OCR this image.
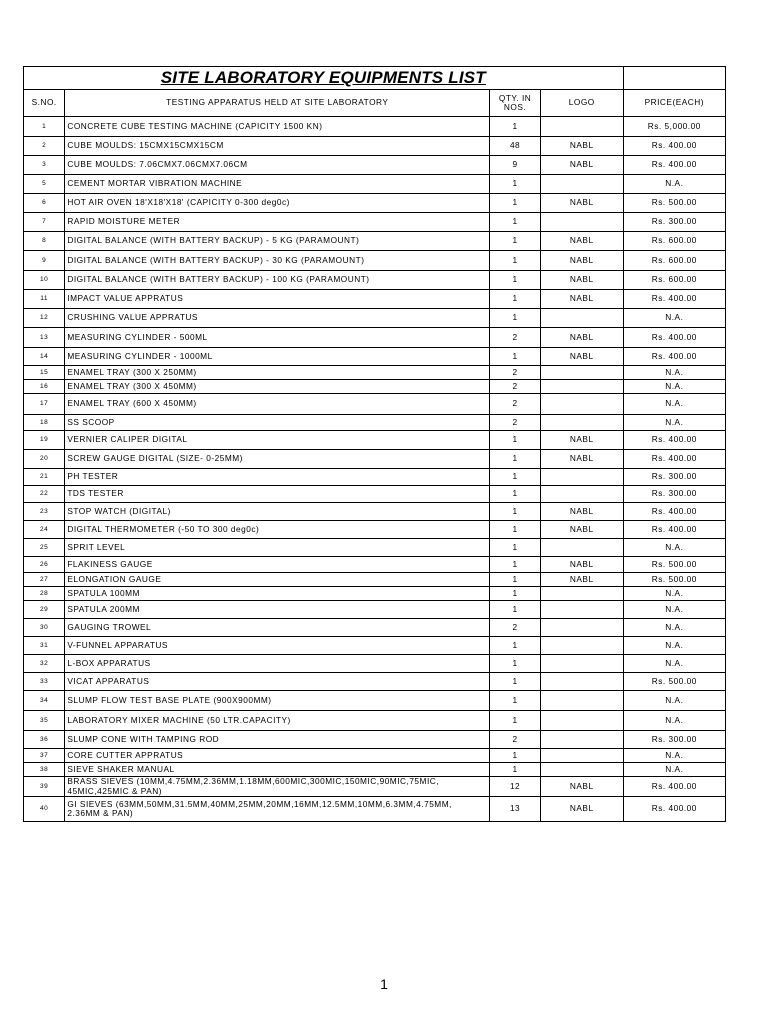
SITE LABORATORY EQUIPMENTS LIST				
S.NO.	TESTING APPARATUS HELD AT SITE LABORATORY	QTY. IN NOS.	LOGO	PRICE(EACH)
1	CONCRETE CUBE TESTING MACHINE (CAPICITY 1500 KN)	1		Rs. 5,000.00
2	CUBE MOULDS: 15CMX15CMX15CM	48	NABL	Rs. 400.00
3	CUBE MOULDS: 7.06CMX7.06CMX7.06CM	9	NABL	Rs. 400.00
5	CEMENT MORTAR VIBRATION MACHINE	1		N.A.
6	HOT AIR OVEN 18'X18'X18' (CAPICITY 0-300 deg0c)	1	NABL	Rs. 500.00
7	RAPID MOISTURE METER	1		Rs. 300.00
8	DIGITAL BALANCE (WITH BATTERY BACKUP) - 5 KG (PARAMOUNT)	1	NABL	Rs. 600.00
9	DIGITAL BALANCE (WITH BATTERY BACKUP) - 30 KG (PARAMOUNT)	1	NABL	Rs. 600.00
10	DIGITAL BALANCE (WITH BATTERY BACKUP) - 100 KG (PARAMOUNT)	1	NABL	Rs. 600.00
11	IMPACT VALUE APPRATUS	1	NABL	Rs. 400.00
12	CRUSHING VALUE APPRATUS	1		N.A.
13	MEASURING CYLINDER - 500ML	2	NABL	Rs. 400.00
14	MEASURING CYLINDER - 1000ML	1	NABL	Rs. 400.00
15	ENAMEL TRAY (300 X 250MM)	2		N.A.
16	ENAMEL TRAY (300 X 450MM)	2		N.A.
17	ENAMEL TRAY (600 X 450MM)	2		N.A.
18	SS SCOOP	2		N.A.
19	VERNIER CALIPER DIGITAL	1	NABL	Rs. 400.00
20	SCREW GAUGE DIGITAL (SIZE- 0-25MM)	1	NABL	Rs. 400.00
21	PH TESTER	1		Rs. 300.00
22	TDS TESTER	1		Rs. 300.00
23	STOP WATCH (DIGITAL)	1	NABL	Rs. 400.00
24	DIGITAL THERMOMETER (-50 TO 300 deg0c)	1	NABL	Rs. 400.00
25	SPRIT LEVEL	1		N.A.
26	FLAKINESS GAUGE	1	NABL	Rs. 500.00
27	ELONGATION GAUGE	1	NABL	Rs. 500.00
28	SPATULA 100MM	1		N.A.
29	SPATULA 200MM	1		N.A.
30	GAUGING TROWEL	2		N.A.
31	V-FUNNEL APPARATUS	1		N.A.
32	L-BOX APPARATUS	1		N.A.
33	VICAT APPARATUS	1		Rs. 500.00
34	SLUMP FLOW TEST BASE PLATE (900X900MM)	1		N.A.
35	LABORATORY MIXER MACHINE (50 LTR.CAPACITY)	1		N.A.
36	SLUMP CONE WITH TAMPING ROD	2		Rs. 300.00
37	CORE CUTTER APPRATUS	1		N.A.
38	SIEVE SHAKER MANUAL	1		N.A.
39	BRASS SIEVES (10MM,4.75MM,2.36MM,1.18MM,600MIC,300MIC,150MIC,90MIC,75MIC, 45MIC,425MIC & PAN)	12	NABL	Rs. 400.00
40	GI SIEVES (63MM,50MM,31.5MM,40MM,25MM,20MM,16MM,12.5MM,10MM,6.3MM,4.75MM, 2.36MM & PAN)	13	NABL	Rs. 400.00
1
